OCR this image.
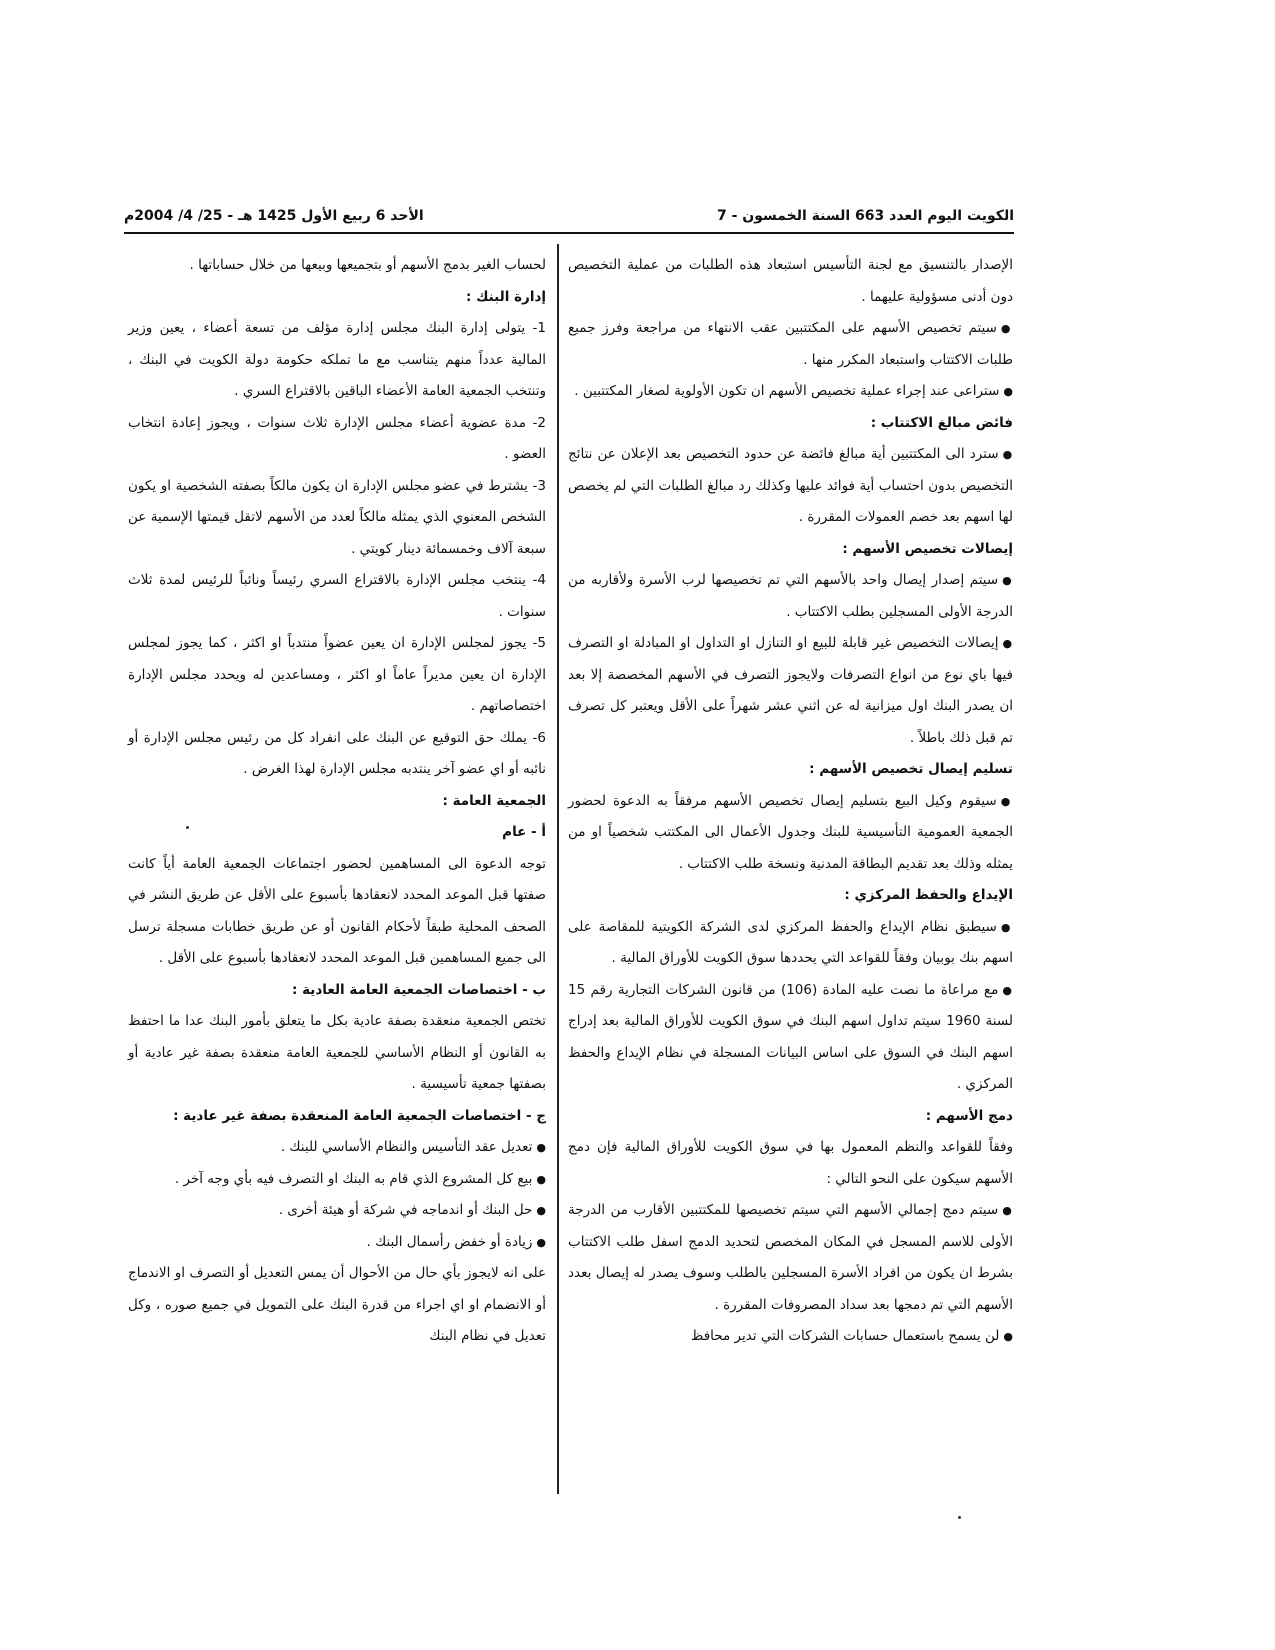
الكويت اليوم العدد 663 السنة الخمسون - 7
الأحد 6 ربيع الأول 1425 هـ - 25/ 4/ 2004م

الإصدار بالتنسيق مع لجنة التأسيس استبعاد هذه الطلبات من عملية التخصيص دون أدنى مسؤولية عليهما .

● سيتم تخصيص الأسهم على المكتتبين عقب الانتهاء من مراجعة وفرز جميع طلبات الاكتتاب واستبعاد المكرر منها .

● ستراعى عند إجراء عملية تخصيص الأسهم ان تكون الأولوية لصغار المكتتبين .

فائض مبالغ الاكتتاب :

● سترد الى المكتتبين أية مبالغ فائضة عن حدود التخصيص بعد الإعلان عن نتائج التخصيص بدون احتساب أية فوائد عليها وكذلك رد مبالغ الطلبات التي لم يخصص لها اسهم بعد خصم العمولات المقررة .

إيصالات تخصيص الأسهم :

● سيتم إصدار إيصال واحد بالأسهم التي تم تخصيصها لرب الأسرة ولأقاربه من الدرجة الأولى المسجلين بطلب الاكتتاب .

● إيصالات التخصيص غير قابلة للبيع او التنازل او التداول او المبادلة او التصرف فيها باي نوع من انواع التصرفات ولايجوز التصرف في الأسهم المخصصة إلا بعد ان يصدر البنك اول ميزانية له عن اثني عشر شهراً على الأقل ويعتبر كل تصرف تم قبل ذلك باطلاً .

تسليم إيصال تخصيص الأسهم :

● سيقوم وكيل البيع بتسليم إيصال تخصيص الأسهم مرفقاً به الدعوة لحضور الجمعية العمومية التأسيسية للبنك وجدول الأعمال الى المكتتب شخصياً او من يمثله وذلك بعد تقديم البطاقة المدنية ونسخة طلب الاكتتاب .

الإيداع والحفظ المركزي :

● سيطبق نظام الإيداع والحفظ المركزي لدى الشركة الكويتية للمقاصة على اسهم بنك بوبيان وفقاً للقواعد التي يحددها سوق الكويت للأوراق المالية .

● مع مراعاة ما نصت عليه المادة (106) من قانون الشركات التجارية رقم 15 لسنة 1960 سيتم تداول اسهم البنك في سوق الكويت للأوراق المالية بعد إدراج اسهم البنك في السوق على اساس البيانات المسجلة في نظام الإيداع والحفظ المركزي .

دمج الأسهم :

وفقاً للقواعد والنظم المعمول بها في سوق الكويت للأوراق المالية فإن دمج الأسهم سيكون على النحو التالي :

● سيتم دمج إجمالي الأسهم التي سيتم تخصيصها للمكتتبين الأقارب من الدرجة الأولى للاسم المسجل في المكان المخصص لتحديد الدمج اسفل طلب الاكتتاب بشرط ان يكون من افراد الأسرة المسجلين بالطلب وسوف يصدر له إيصال بعدد الأسهم التي تم دمجها بعد سداد المصروفات المقررة .

● لن يسمح باستعمال حسابات الشركات التي تدير محافظ

لحساب الغير بدمج الأسهم أو بتجميعها وبيعها من خلال حساباتها .

إدارة البنك :

1- يتولى إدارة البنك مجلس إدارة مؤلف من تسعة أعضاء ، يعين وزير المالية عدداً منهم يتناسب مع ما تملكه حكومة دولة الكويت في البنك ، وتنتخب الجمعية العامة الأعضاء الباقين بالاقتراع السري .

2- مدة عضوية أعضاء مجلس الإدارة ثلاث سنوات ، ويجوز إعادة انتخاب العضو .

3- يشترط في عضو مجلس الإدارة ان يكون مالكاً بصفته الشخصية او يكون الشخص المعنوي الذي يمثله مالكاً لعدد من الأسهم لاتقل قيمتها الإسمية عن سبعة آلاف وخمسمائة دينار كويتي .

4- ينتخب مجلس الإدارة بالاقتراع السري رئيساً ونائباً للرئيس لمدة ثلاث سنوات .

5- يجوز لمجلس الإدارة ان يعين عضواً منتدباً او اكثر ، كما يجوز لمجلس الإدارة ان يعين مديراً عاماً او اكثر ، ومساعدين له ويحدد مجلس الإدارة اختصاصاتهم .

6- يملك حق التوقيع عن البنك على انفراد كل من رئيس مجلس الإدارة أو نائبه أو اي عضو آخر ينتدبه مجلس الإدارة لهذا الغرض .

الجمعية العامة :

أ - عام

توجه الدعوة الى المساهمين لحضور اجتماعات الجمعية العامة أياً كانت صفتها قبل الموعد المحدد لانعقادها بأسبوع على الأقل عن طريق النشر في الصحف المحلية طبقاً لأحكام القانون أو عن طريق خطابات مسجلة ترسل الى جميع المساهمين قبل الموعد المحدد لانعقادها بأسبوع على الأقل .

ب - اختصاصات الجمعية العامة العادية :

تختص الجمعية منعقدة بصفة عادية بكل ما يتعلق بأمور البنك عدا ما احتفظ به القانون أو النظام الأساسي للجمعية العامة منعقدة بصفة غير عادية أو بصفتها جمعية تأسيسية .

ج - اختصاصات الجمعية العامة المنعقدة بصفة غير عادية :

● تعديل عقد التأسيس والنظام الأساسي للبنك .

● بيع كل المشروع الذي قام به البنك او التصرف فيه بأي وجه آخر .

● حل البنك أو اندماجه في شركة أو هيئة أخرى .

● زيادة أو خفض رأسمال البنك .

على انه لايجوز بأي حال من الأحوال أن يمس التعديل أو التصرف او الاندماج أو الانضمام او اي اجراء من قدرة البنك على التمويل في جميع صوره ، وكل تعديل في نظام البنك
